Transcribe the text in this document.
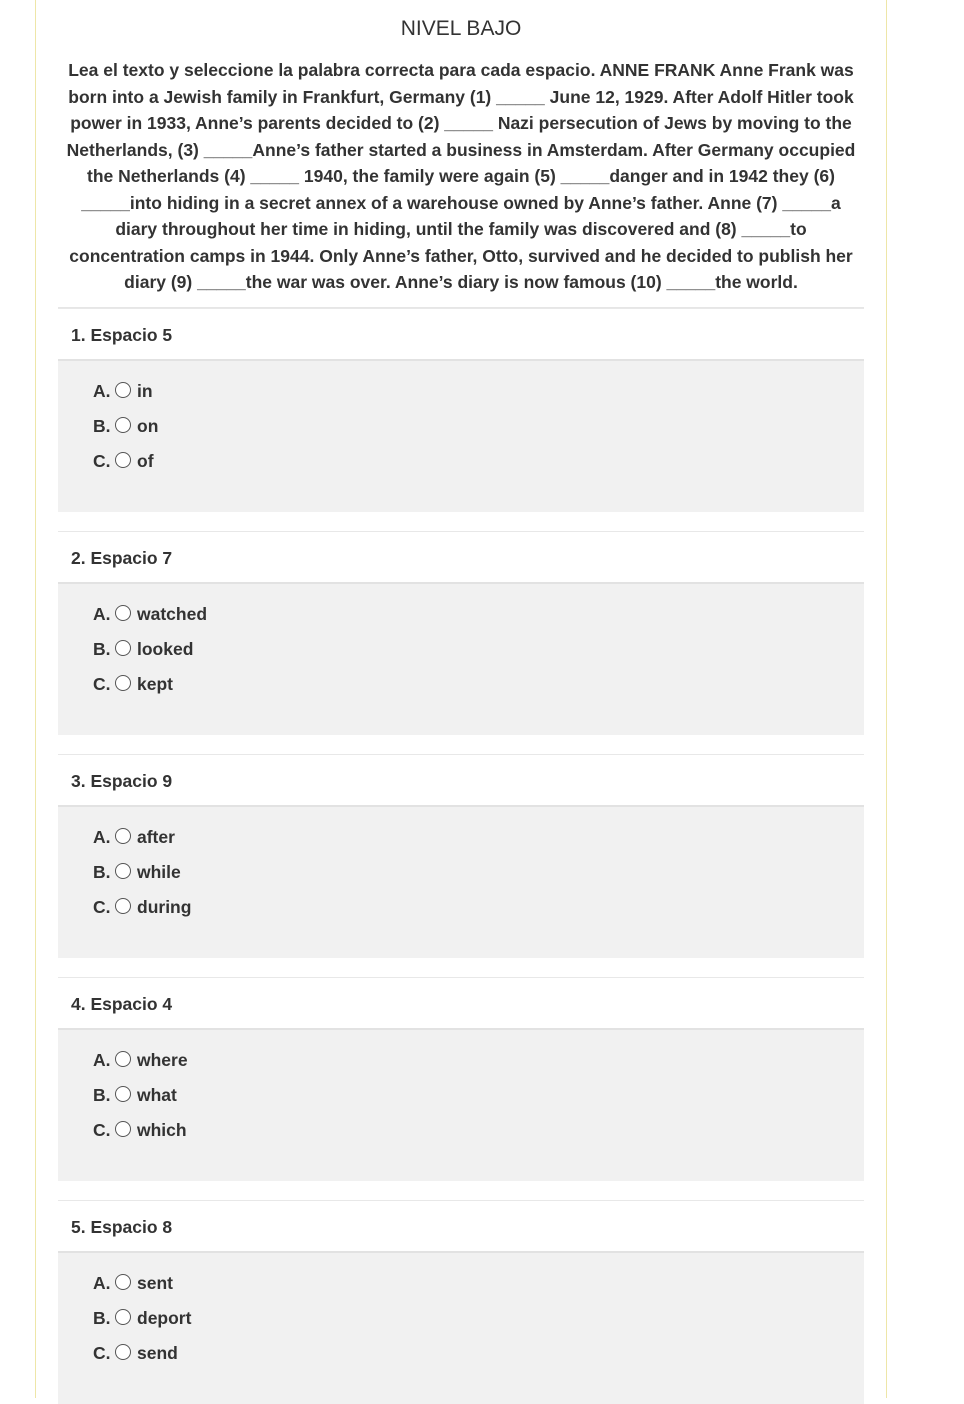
NIVEL BAJO
Lea el texto y seleccione la palabra correcta para cada espacio. ANNE FRANK Anne Frank was
born into a Jewish family in Frankfurt, Germany (1) _____ June 12, 1929. After Adolf Hitler took
power in 1933, Anne’s parents decided to (2) _____ Nazi persecution of Jews by moving to the
Netherlands, (3) _____Anne’s father started a business in Amsterdam. After Germany occupied
the Netherlands (4) _____ 1940, the family were again (5) _____danger and in 1942 they (6)
_____into hiding in a secret annex of a warehouse owned by Anne’s father. Anne (7) _____a
diary throughout her time in hiding, until the family was discovered and (8) _____to
concentration camps in 1944. Only Anne’s father, Otto, survived and he decided to publish her
diary (9) _____the war was over. Anne’s diary is now famous (10) _____the world.
1. Espacio 5
A. in
B. on
C. of
2. Espacio 7
A. watched
B. looked
C. kept
3. Espacio 9
A. after
B. while
C. during
4. Espacio 4
A. where
B. what
C. which
5. Espacio 8
A. sent
B. deport
C. send
